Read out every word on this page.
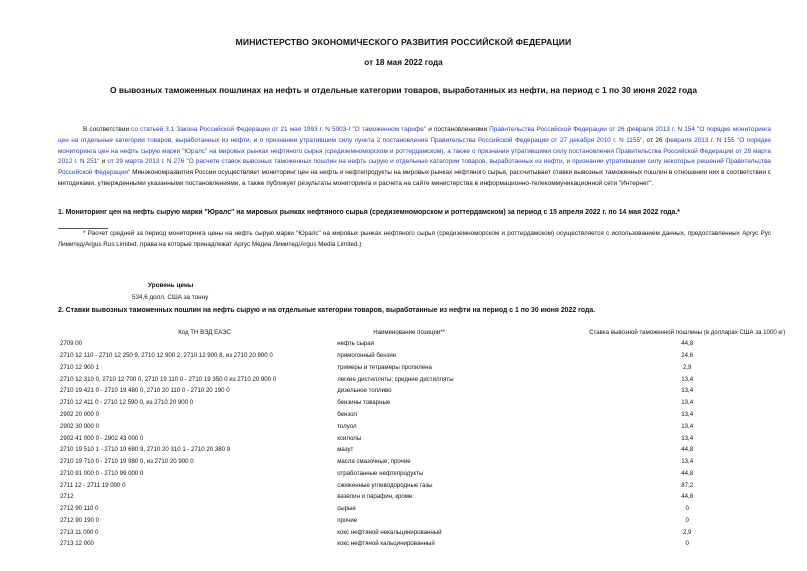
МИНИСТЕРСТВО ЭКОНОМИЧЕСКОГО РАЗВИТИЯ РОССИЙСКОЙ ФЕДЕРАЦИИ
от 18 мая 2022 года
О вывозных таможенных пошлинах на нефть и отдельные категории товаров, выработанных из нефти, на период с 1 по 30 июня 2022 года
В соответствии со статьей 3.1 Закона Российской Федерации от 21 мая 1993 г. N 5003-I "О таможенном тарифе" и постановлениями Правительства Российской Федерации от 26 февраля 2013 г. N 154 "О порядке мониторинга цен на отдельные категории товаров, выработанных из нефти, и о признании утратившим силу пункта 2 постановления Правительства Российской Федерации от 27 декабря 2010 г. N 1155", от 26 февраля 2013 г. N 155 "О порядке мониторинга цен на нефть сырую марки "Юралс" на мировых рынках нефтяного сырья (средиземноморском и роттердамском), а также о признании утратившими силу постановления Правительства Российской Федерации от 28 марта 2012 г. N 251" и от 29 марта 2013 г. N 276 "О расчете ставок вывозных таможенных пошлин на нефть сырую и отдельные категории товаров, выработанных из нефти, и признании утратившими силу некоторых решений Правительства Российской Федерации" Минэкономразвития России осуществляет мониторинг цен на нефть и нефтепродукты на мировых рынках нефтяного сырья, рассчитывает ставки вывозных таможенных пошлин в отношении них в соответствии с методиками, утвержденными указанными постановлениями, а также публикует результаты мониторинга и расчета на сайте министерства в информационно-телекоммуникационной сети "Интернет".
1. Мониторинг цен на нефть сырую марки "Юралс" на мировых рынках нефтяного сырья (средиземноморском и роттердамском) за период с 15 апреля 2022 г. по 14 мая 2022 года.*
* Расчет средней за период мониторинга цены на нефть сырую марки "Юралс" на мировых рынках нефтяного сырья (средиземноморском и роттердамском) осуществляется с использованием данных, предоставленных Аргус Рус Лимитед/Argus Rus Limited, права на которые принадлежат Аргус Медиа Лимитед/Argus Media Limited.)
Уровень цены
534,6 долл. США за тонну
2. Ставки вывозных таможенных пошлин на нефть сырую и на отдельные категории товаров, выработанные из нефти на период с 1 по 30 июня 2022 года.
Код ТН ВЭД ЕАЭС	Наименование позиции**	Ставка вывозной таможенной пошлины (в долларах США за 1000 кг)
2709 00	нефть сырая	44,8
2710 12 110 - 2710 12 250 9, 2710 12 900 2, 2710 12 900 8, из 2710 20 900 0	прямогонный бензин	24,6
2710 12 900 1	тримеры и тетрамеры пропилена	2,9
2710 12 310 0, 2710 12 700 0, 2710 19 110 0 - 2710 19 350 0 из 2710 20 900 0	легкие дистилляты; средние дистилляты	13,4
2710 19 421 0 - 2710 19 480 0, 2710 20 110 0 - 2710 20 190 0	дизельное топливо	13,4
2710 12 411 0 - 2710 12 590 0, из 2710 20 900 0	бензины товарные	13,4
2902 20 000 0	бензол	13,4
2902 30 000 0	толуол	13,4
2902 41 000 0 - 2902 43 000 0	ксилолы	13,4
2710 19 510 1 - 2710 19 680 9, 2710 20 310 1 - 2710 20 380 9	мазут	44,8
2710 19 710 0 - 2710 19 980 0, из 2710 20 900 0	масла смазочные; прочие	13,4
2710 91 000 0 - 2710 99 000 0	отработанные нефтепродукты	44,8
2711 12 - 2711 19 000 0	сжиженные углеводородные газы	87,2
2712	вазелин и парафин, кроме:	44,8
2712 90 110 0	сырые	0
2712 90 190 0	прочие	0
2713 11 000 0	кокс нефтяной некальцинированный	2,9
2713 12 000	кокс нефтяной кальцинированный	0
